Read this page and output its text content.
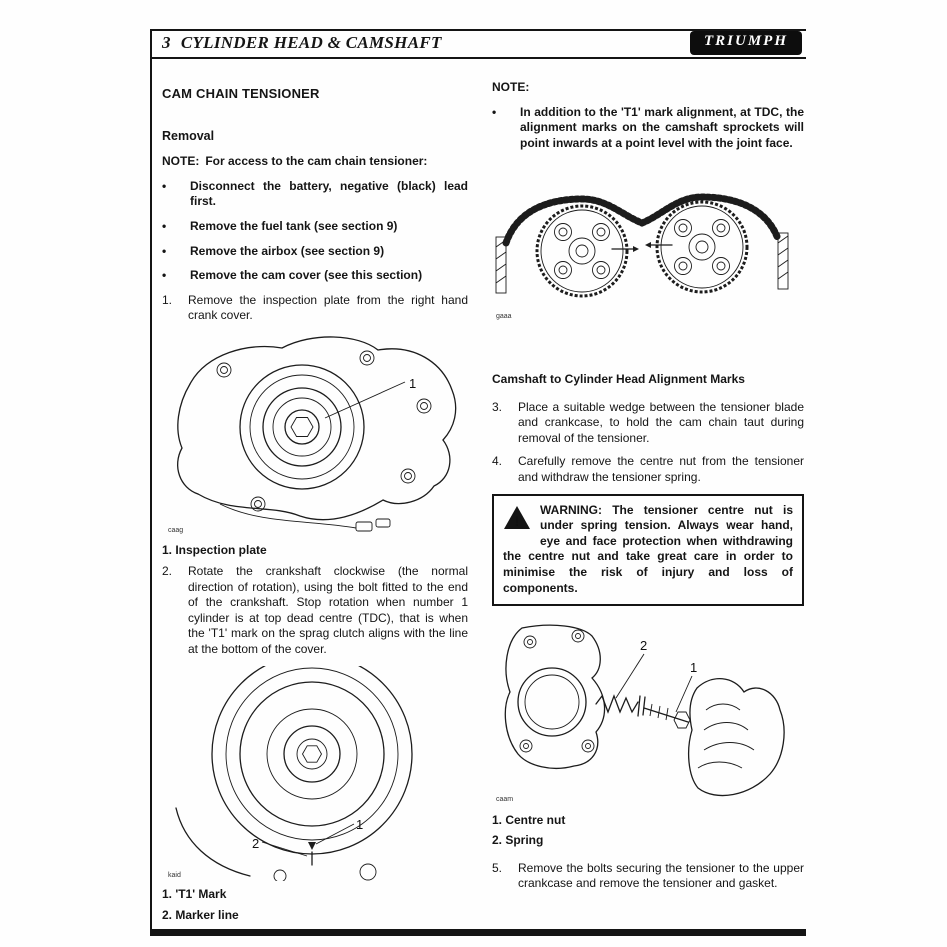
3 CYLINDER HEAD & CAMSHAFT	TRIUMPH
CAM CHAIN TENSIONER
Removal
NOTE: For access to the cam chain tensioner:
•	Disconnect the battery, negative (black) lead first.
•	Remove the fuel tank (see section 9)
•	Remove the airbox (see section 9)
•	Remove the cam cover (see this section)
1.	Remove the inspection plate from the right hand crank cover.
1
caag
1. Inspection plate
2.	Rotate the crankshaft clockwise (the normal direction of rotation), using the bolt fitted to the end of the crankshaft. Stop rotation when number 1 cylinder is at top dead centre (TDC), that is when the 'T1' mark on the sprag clutch aligns with the line at the bottom of the cover.
1
2
kaid
1. 'T1' Mark
2. Marker line
NOTE:
•	In addition to the 'T1' mark alignment, at TDC, the alignment marks on the camshaft sprockets will point inwards at a point level with the joint face.
gaaa
Camshaft to Cylinder Head Alignment Marks
3.	Place a suitable wedge between the tensioner blade and crankcase, to hold the cam chain taut during removal of the tensioner.
4.	Carefully remove the centre nut from the tensioner and withdraw the tensioner spring.
!
WARNING: The tensioner centre nut is under spring tension. Always wear hand, eye and face protection when withdrawing the centre nut and take great care in order to minimise the risk of injury and loss of components.
2
1
caam
1. Centre nut
2. Spring
5.	Remove the bolts securing the tensioner to the upper crankcase and remove the tensioner and gasket.
